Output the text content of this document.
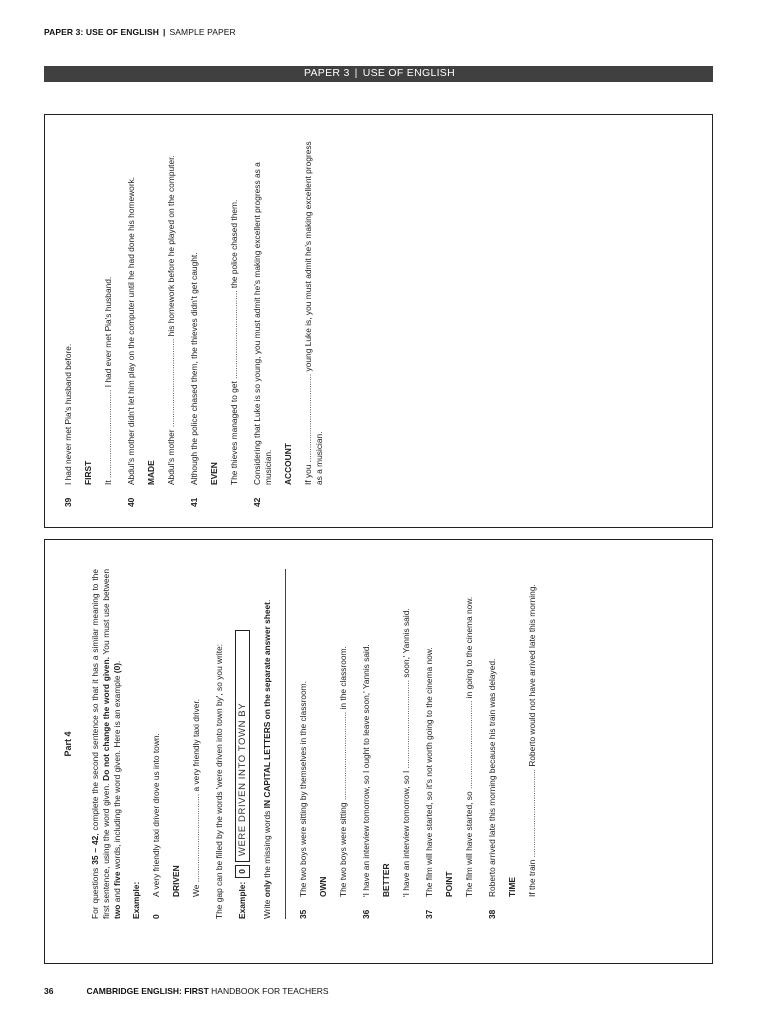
PAPER 3: USE OF ENGLISH | SAMPLE PAPER
PAPER 3 | USE OF ENGLISH
39

I had never met Pia's husband before. FIRST It ...................................... I had ever met Pia's husband.

40

Abdul's mother didn't let him play on the computer until he had done his homework. MADE Abdul's mother ...................................... his homework before he played on the computer.

41

Although the police chased them, the thieves didn't get caught. EVEN The thieves managed to get ...................................... the police chased them.

42

Considering that Luke is so young, you must admit he's making excellent progress as a musician. ACCOUNT If you ...................................... young Luke is, you must admit he's making excellent progress as a musician.

Part 4

For questions 35 – 42, complete the second sentence so that it has a similar meaning to the first sentence, using the word given. Do not change the word given. You must use between two and five words, including the word given. Here is an example (0).

Example: 0

A very friendly taxi driver drove us into town. DRIVEN We ...................................... a very friendly taxi driver. The gap can be filled by the words 'were driven into town by', so you write: Example:
0
WERE DRIVEN INTO TOWN BY

Write only the missing words IN CAPITAL LETTERS on the separate answer sheet.

35

The two boys were sitting by themselves in the classroom. OWN The two boys were sitting ...................................... in the classroom.

36

'I have an interview tomorrow, so I ought to leave soon,' Yannis said. BETTER 'I have an interview tomorrow, so I ...................................... soon,' Yannis said.

37

The film will have started, so it's not worth going to the cinema now. POINT The film will have started, so ...................................... in going to the cinema now.

38

Roberto arrived late this morning because his train was delayed. TIME If the train ...................................... Roberto would not have arrived late this morning.

36	CAMBRIDGE ENGLISH: FIRST HANDBOOK FOR TEACHERS
